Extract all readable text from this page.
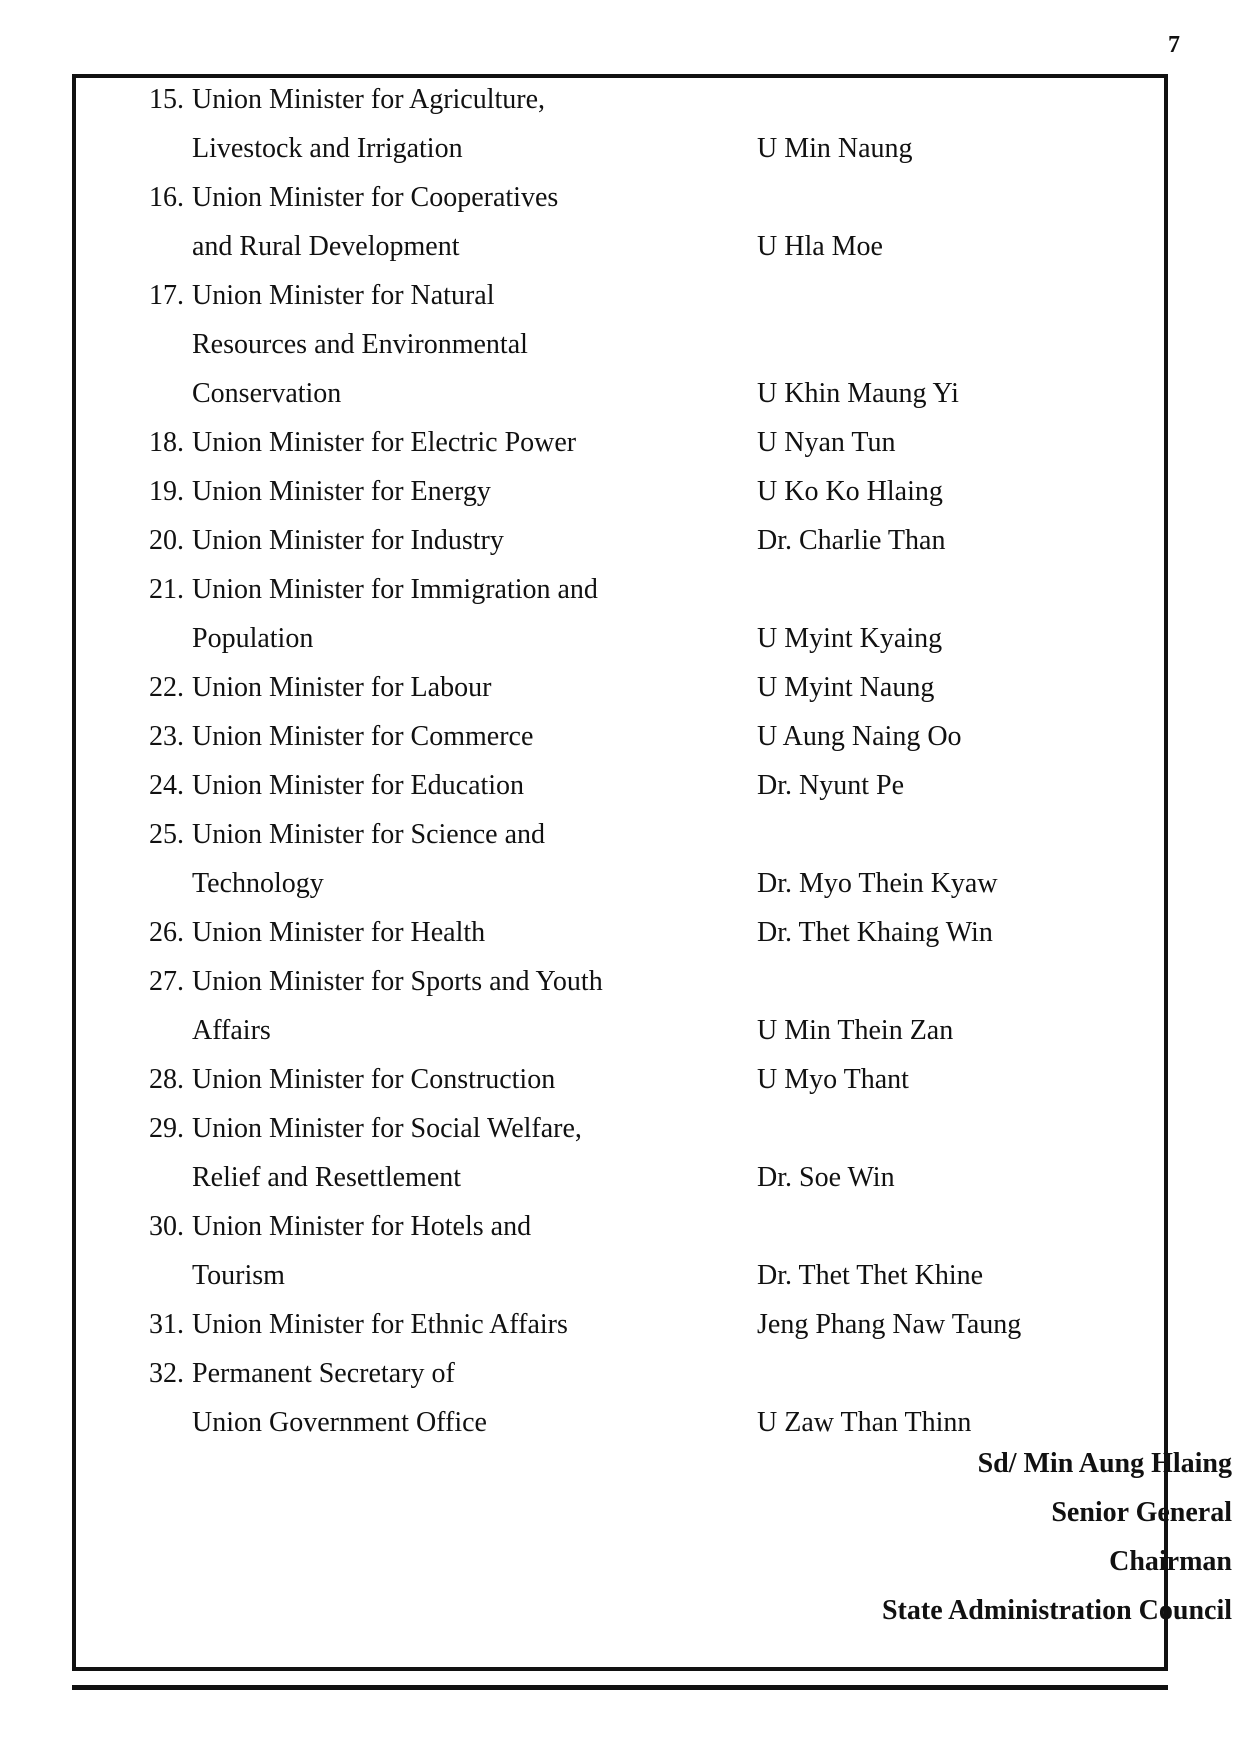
7
15. Union Minister for Agriculture,
Livestock and Irrigation	U Min Naung
16. Union Minister for Cooperatives
and Rural Development	U Hla Moe
17. Union Minister for Natural
Resources and Environmental
Conservation	U Khin Maung Yi
18. Union Minister for Electric Power	U Nyan Tun
19. Union Minister for Energy	U Ko Ko Hlaing
20. Union Minister for Industry	Dr. Charlie Than
21. Union Minister for Immigration and
Population	U Myint Kyaing
22. Union Minister for Labour	U Myint Naung
23. Union Minister for Commerce	U Aung Naing Oo
24. Union Minister for Education	Dr. Nyunt Pe
25. Union Minister for Science and
Technology	Dr. Myo Thein Kyaw
26. Union Minister for Health	Dr. Thet Khaing Win
27. Union Minister for Sports and Youth
Affairs	U Min Thein Zan
28. Union Minister for Construction	U Myo Thant
29. Union Minister for Social Welfare,
Relief and Resettlement	Dr. Soe Win
30. Union Minister for Hotels and
Tourism	Dr. Thet Thet Khine
31. Union Minister for Ethnic Affairs	Jeng Phang Naw Taung
32. Permanent Secretary of
Union Government Office	U Zaw Than Thinn
Sd/ Min Aung Hlaing
Senior General
Chairman
State Administration Council
